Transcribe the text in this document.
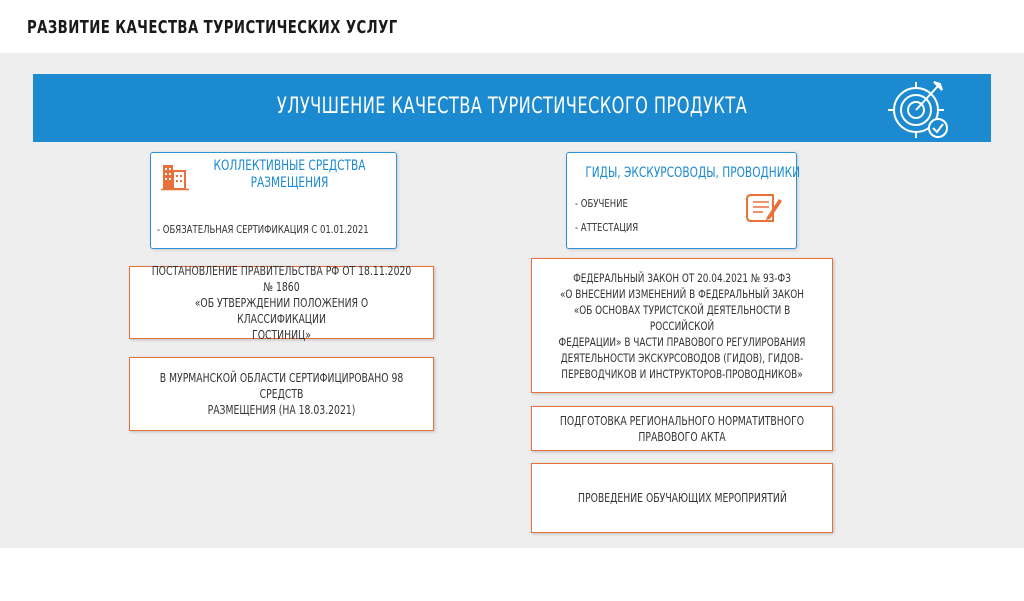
РАЗВИТИЕ КАЧЕСТВА ТУРИСТИЧЕСКИХ УСЛУГ
УЛУЧШЕНИЕ КАЧЕСТВА ТУРИСТИЧЕСКОГО ПРОДУКТА
КОЛЛЕКТИВНЫЕ СРЕДСТВА
РАЗМЕЩЕНИЯ
- ОБЯЗАТЕЛЬНАЯ СЕРТИФИКАЦИЯ С 01.01.2021
ГИДЫ, ЭКСКУРСОВОДЫ, ПРОВОДНИКИ
- ОБУЧЕНИЕ
- АТТЕСТАЦИЯ
ПОСТАНОВЛЕНИЕ ПРАВИТЕЛЬСТВА РФ ОТ 18.11.2020 № 1860
«ОБ УТВЕРЖДЕНИИ ПОЛОЖЕНИЯ О КЛАССИФИКАЦИИ
ГОСТИНИЦ»
В МУРМАНСКОЙ ОБЛАСТИ СЕРТИФИЦИРОВАНО 98 СРЕДСТВ
РАЗМЕЩЕНИЯ (НА 18.03.2021)
ФЕДЕРАЛЬНЫЙ ЗАКОН ОТ 20.04.2021 № 93-ФЗ
«О ВНЕСЕНИИ ИЗМЕНЕНИЙ В ФЕДЕРАЛЬНЫЙ ЗАКОН
«ОБ ОСНОВАХ ТУРИСТСКОЙ ДЕЯТЕЛЬНОСТИ В РОССИЙСКОЙ
ФЕДЕРАЦИИ» В ЧАСТИ ПРАВОВОГО РЕГУЛИРОВАНИЯ
ДЕЯТЕЛЬНОСТИ ЭКСКУРСОВОДОВ (ГИДОВ), ГИДОВ-
ПЕРЕВОДЧИКОВ И ИНСТРУКТОРОВ-ПРОВОДНИКОВ»
ПОДГОТОВКА РЕГИОНАЛЬНОГО НОРМАТИТВНОГО
ПРАВОВОГО АКТА
ПРОВЕДЕНИЕ ОБУЧАЮЩИХ МЕРОПРИЯТИЙ
